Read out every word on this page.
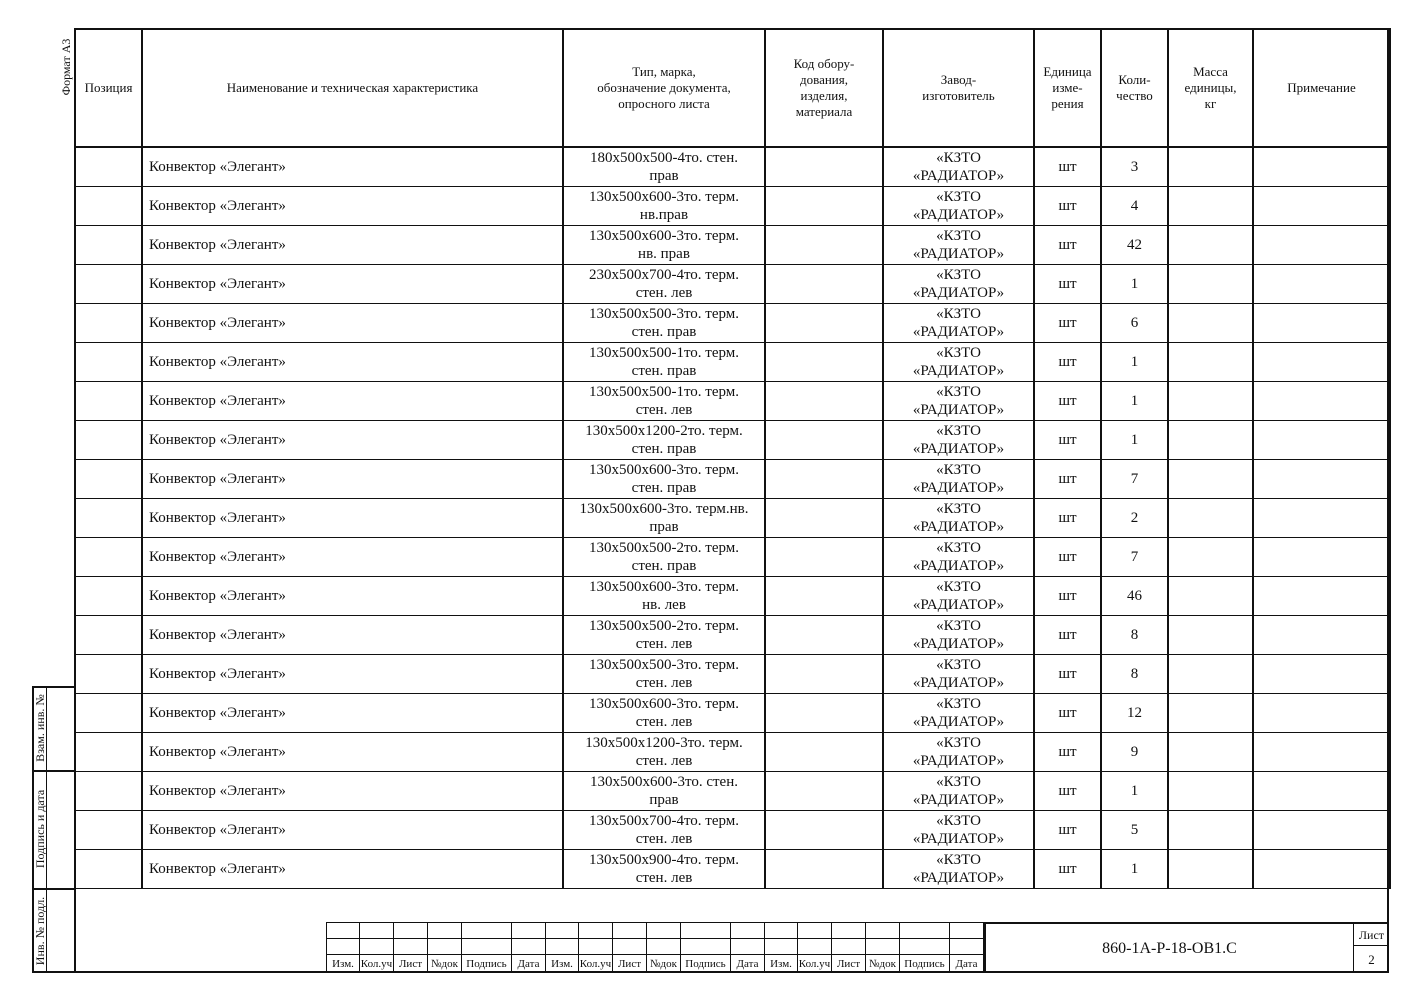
Формат А3
Взам. инв. №
Подпись и дата
Инв. № подл.
Позиция	Наименование и техническая характеристика	Тип, марка,
обозначение документа,
опросного листа	Код обору-
дования,
изделия,
материала	Завод-
изготовитель	Единица
изме-
рения	Коли-
чество	Масса
единицы,
кг	Примечание
	Конвектор «Элегант»	180х500х500-4то. стен.
прав		«КЗТО
«РАДИАТОР»	шт	3		
	Конвектор «Элегант»	130х500х600-3то. терм.
нв.прав		«КЗТО
«РАДИАТОР»	шт	4		
	Конвектор «Элегант»	130х500х600-3то. терм.
нв. прав		«КЗТО
«РАДИАТОР»	шт	42		
	Конвектор «Элегант»	230х500х700-4то. терм.
стен. лев		«КЗТО
«РАДИАТОР»	шт	1		
	Конвектор «Элегант»	130х500х500-3то. терм.
стен. прав		«КЗТО
«РАДИАТОР»	шт	6		
	Конвектор «Элегант»	130х500х500-1то. терм.
стен. прав		«КЗТО
«РАДИАТОР»	шт	1		
	Конвектор «Элегант»	130х500х500-1то. терм.
стен. лев		«КЗТО
«РАДИАТОР»	шт	1		
	Конвектор «Элегант»	130х500х1200-2то. терм.
стен. прав		«КЗТО
«РАДИАТОР»	шт	1		
	Конвектор «Элегант»	130х500х600-3то. терм.
стен. прав		«КЗТО
«РАДИАТОР»	шт	7		
	Конвектор «Элегант»	130х500х600-3то. терм.нв.
прав		«КЗТО
«РАДИАТОР»	шт	2		
	Конвектор «Элегант»	130х500х500-2то. терм.
стен. прав		«КЗТО
«РАДИАТОР»	шт	7		
	Конвектор «Элегант»	130х500х600-3то. терм.
нв. лев		«КЗТО
«РАДИАТОР»	шт	46		
	Конвектор «Элегант»	130х500х500-2то. терм.
стен. лев		«КЗТО
«РАДИАТОР»	шт	8		
	Конвектор «Элегант»	130х500х500-3то. терм.
стен. лев		«КЗТО
«РАДИАТОР»	шт	8		
	Конвектор «Элегант»	130х500х600-3то. терм.
стен. лев		«КЗТО
«РАДИАТОР»	шт	12		
	Конвектор «Элегант»	130х500х1200-3то. терм.
стен. лев		«КЗТО
«РАДИАТОР»	шт	9		
	Конвектор «Элегант»	130х500х600-3то. стен.
прав		«КЗТО
«РАДИАТОР»	шт	1		
	Конвектор «Элегант»	130х500х700-4то. терм.
стен. лев		«КЗТО
«РАДИАТОР»	шт	5		
	Конвектор «Элегант»	130х500х900-4то. терм.
стен. лев		«КЗТО
«РАДИАТОР»	шт	1		

Изм.	Кол.уч	Лист	№док	Подпись	Дата	Изм.	Кол.уч	Лист	№док	Подпись	Дата	Изм.	Кол.уч	Лист	№док	Подпись	Дата
860-1А-Р-18-ОВ1.С
Лист
2
